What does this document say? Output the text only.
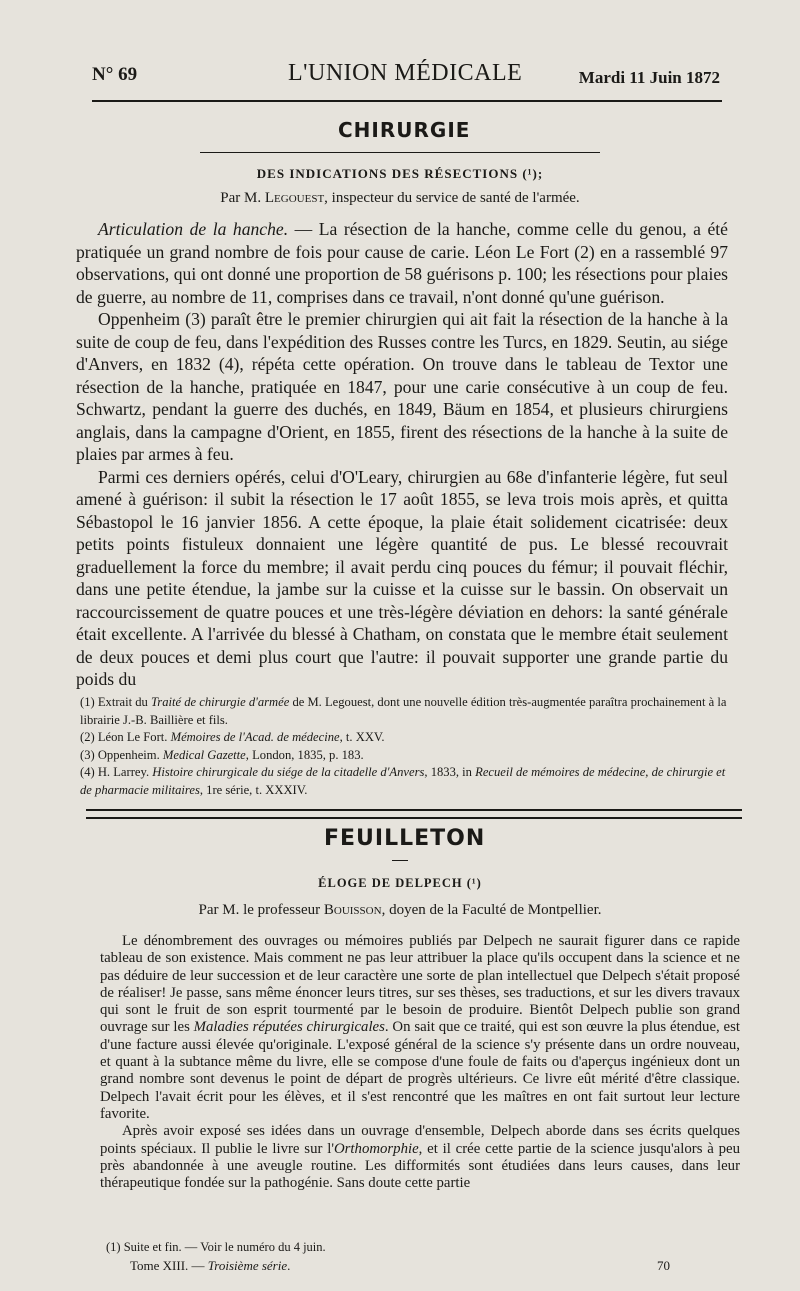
N° 69	L'UNION MÉDICALE	Mardi 11 Juin 1872
CHIRURGIE
DES INDICATIONS DES RÉSECTIONS (¹);
Par M. Legouest, inspecteur du service de santé de l'armée.

Articulation de la hanche. — La résection de la hanche, comme celle du genou, a été pratiquée un grand nombre de fois pour cause de carie. Léon Le Fort (2) en a rassemblé 97 observations, qui ont donné une proportion de 58 guérisons p. 100; les résections pour plaies de guerre, au nombre de 11, comprises dans ce travail, n'ont donné qu'une guérison.

Oppenheim (3) paraît être le premier chirurgien qui ait fait la résection de la hanche à la suite de coup de feu, dans l'expédition des Russes contre les Turcs, en 1829. Seutin, au siége d'Anvers, en 1832 (4), répéta cette opération. On trouve dans le tableau de Textor une résection de la hanche, pratiquée en 1847, pour une carie consécutive à un coup de feu. Schwartz, pendant la guerre des duchés, en 1849, Bäum en 1854, et plusieurs chirurgiens anglais, dans la campagne d'Orient, en 1855, firent des résections de la hanche à la suite de plaies par armes à feu.

Parmi ces derniers opérés, celui d'O'Leary, chirurgien au 68e d'infanterie légère, fut seul amené à guérison: il subit la résection le 17 août 1855, se leva trois mois après, et quitta Sébastopol le 16 janvier 1856. A cette époque, la plaie était solidement cicatrisée: deux petits points fistuleux donnaient une légère quantité de pus. Le blessé recouvrait graduellement la force du membre; il avait perdu cinq pouces du fémur; il pouvait fléchir, dans une petite étendue, la jambe sur la cuisse et la cuisse sur le bassin. On observait un raccourcissement de quatre pouces et une très-légère déviation en dehors: la santé générale était excellente. A l'arrivée du blessé à Chatham, on constata que le membre était seulement de deux pouces et demi plus court que l'autre: il pouvait supporter une grande partie du poids du

(1) Extrait du Traité de chirurgie d'armée de M. Legouest, dont une nouvelle édition très-augmentée paraîtra prochainement à la librairie J.-B. Baillière et fils.
(2) Léon Le Fort. Mémoires de l'Acad. de médecine, t. XXV.
(3) Oppenheim. Medical Gazette, London, 1835, p. 183.
(4) H. Larrey. Histoire chirurgicale du siége de la citadelle d'Anvers, 1833, in Recueil de mémoires de médecine, de chirurgie et de pharmacie militaires, 1re série, t. XXXIV.
FEUILLETON
ÉLOGE DE DELPECH (¹)
Par M. le professeur Bouisson, doyen de la Faculté de Montpellier.

Le dénombrement des ouvrages ou mémoires publiés par Delpech ne saurait figurer dans ce rapide tableau de son existence. Mais comment ne pas leur attribuer la place qu'ils occupent dans la science et ne pas déduire de leur succession et de leur caractère une sorte de plan intellectuel que Delpech s'était proposé de réaliser! Je passe, sans même énoncer leurs titres, sur ses thèses, ses traductions, et sur les divers travaux qui sont le fruit de son esprit tourmenté par le besoin de produire. Bientôt Delpech publie son grand ouvrage sur les Maladies réputées chirurgicales. On sait que ce traité, qui est son œuvre la plus étendue, est d'une facture aussi élevée qu'originale. L'exposé général de la science s'y présente dans un ordre nouveau, et quant à la subtance même du livre, elle se compose d'une foule de faits ou d'aperçus ingénieux dont un grand nombre sont devenus le point de départ de progrès ultérieurs. Ce livre eût mérité d'être classique. Delpech l'avait écrit pour les élèves, et il s'est rencontré que les maîtres en ont fait surtout leur lecture favorite.

Après avoir exposé ses idées dans un ouvrage d'ensemble, Delpech aborde dans ses écrits quelques points spéciaux. Il publie le livre sur l'Orthomorphie, et il crée cette partie de la science jusqu'alors à peu près abandonnée à une aveugle routine. Les difformités sont étudiées dans leurs causes, dans leur thérapeutique fondée sur la pathogénie. Sans doute cette partie

(1) Suite et fin. — Voir le numéro du 4 juin.
Tome XIII. — Troisième série.	70
